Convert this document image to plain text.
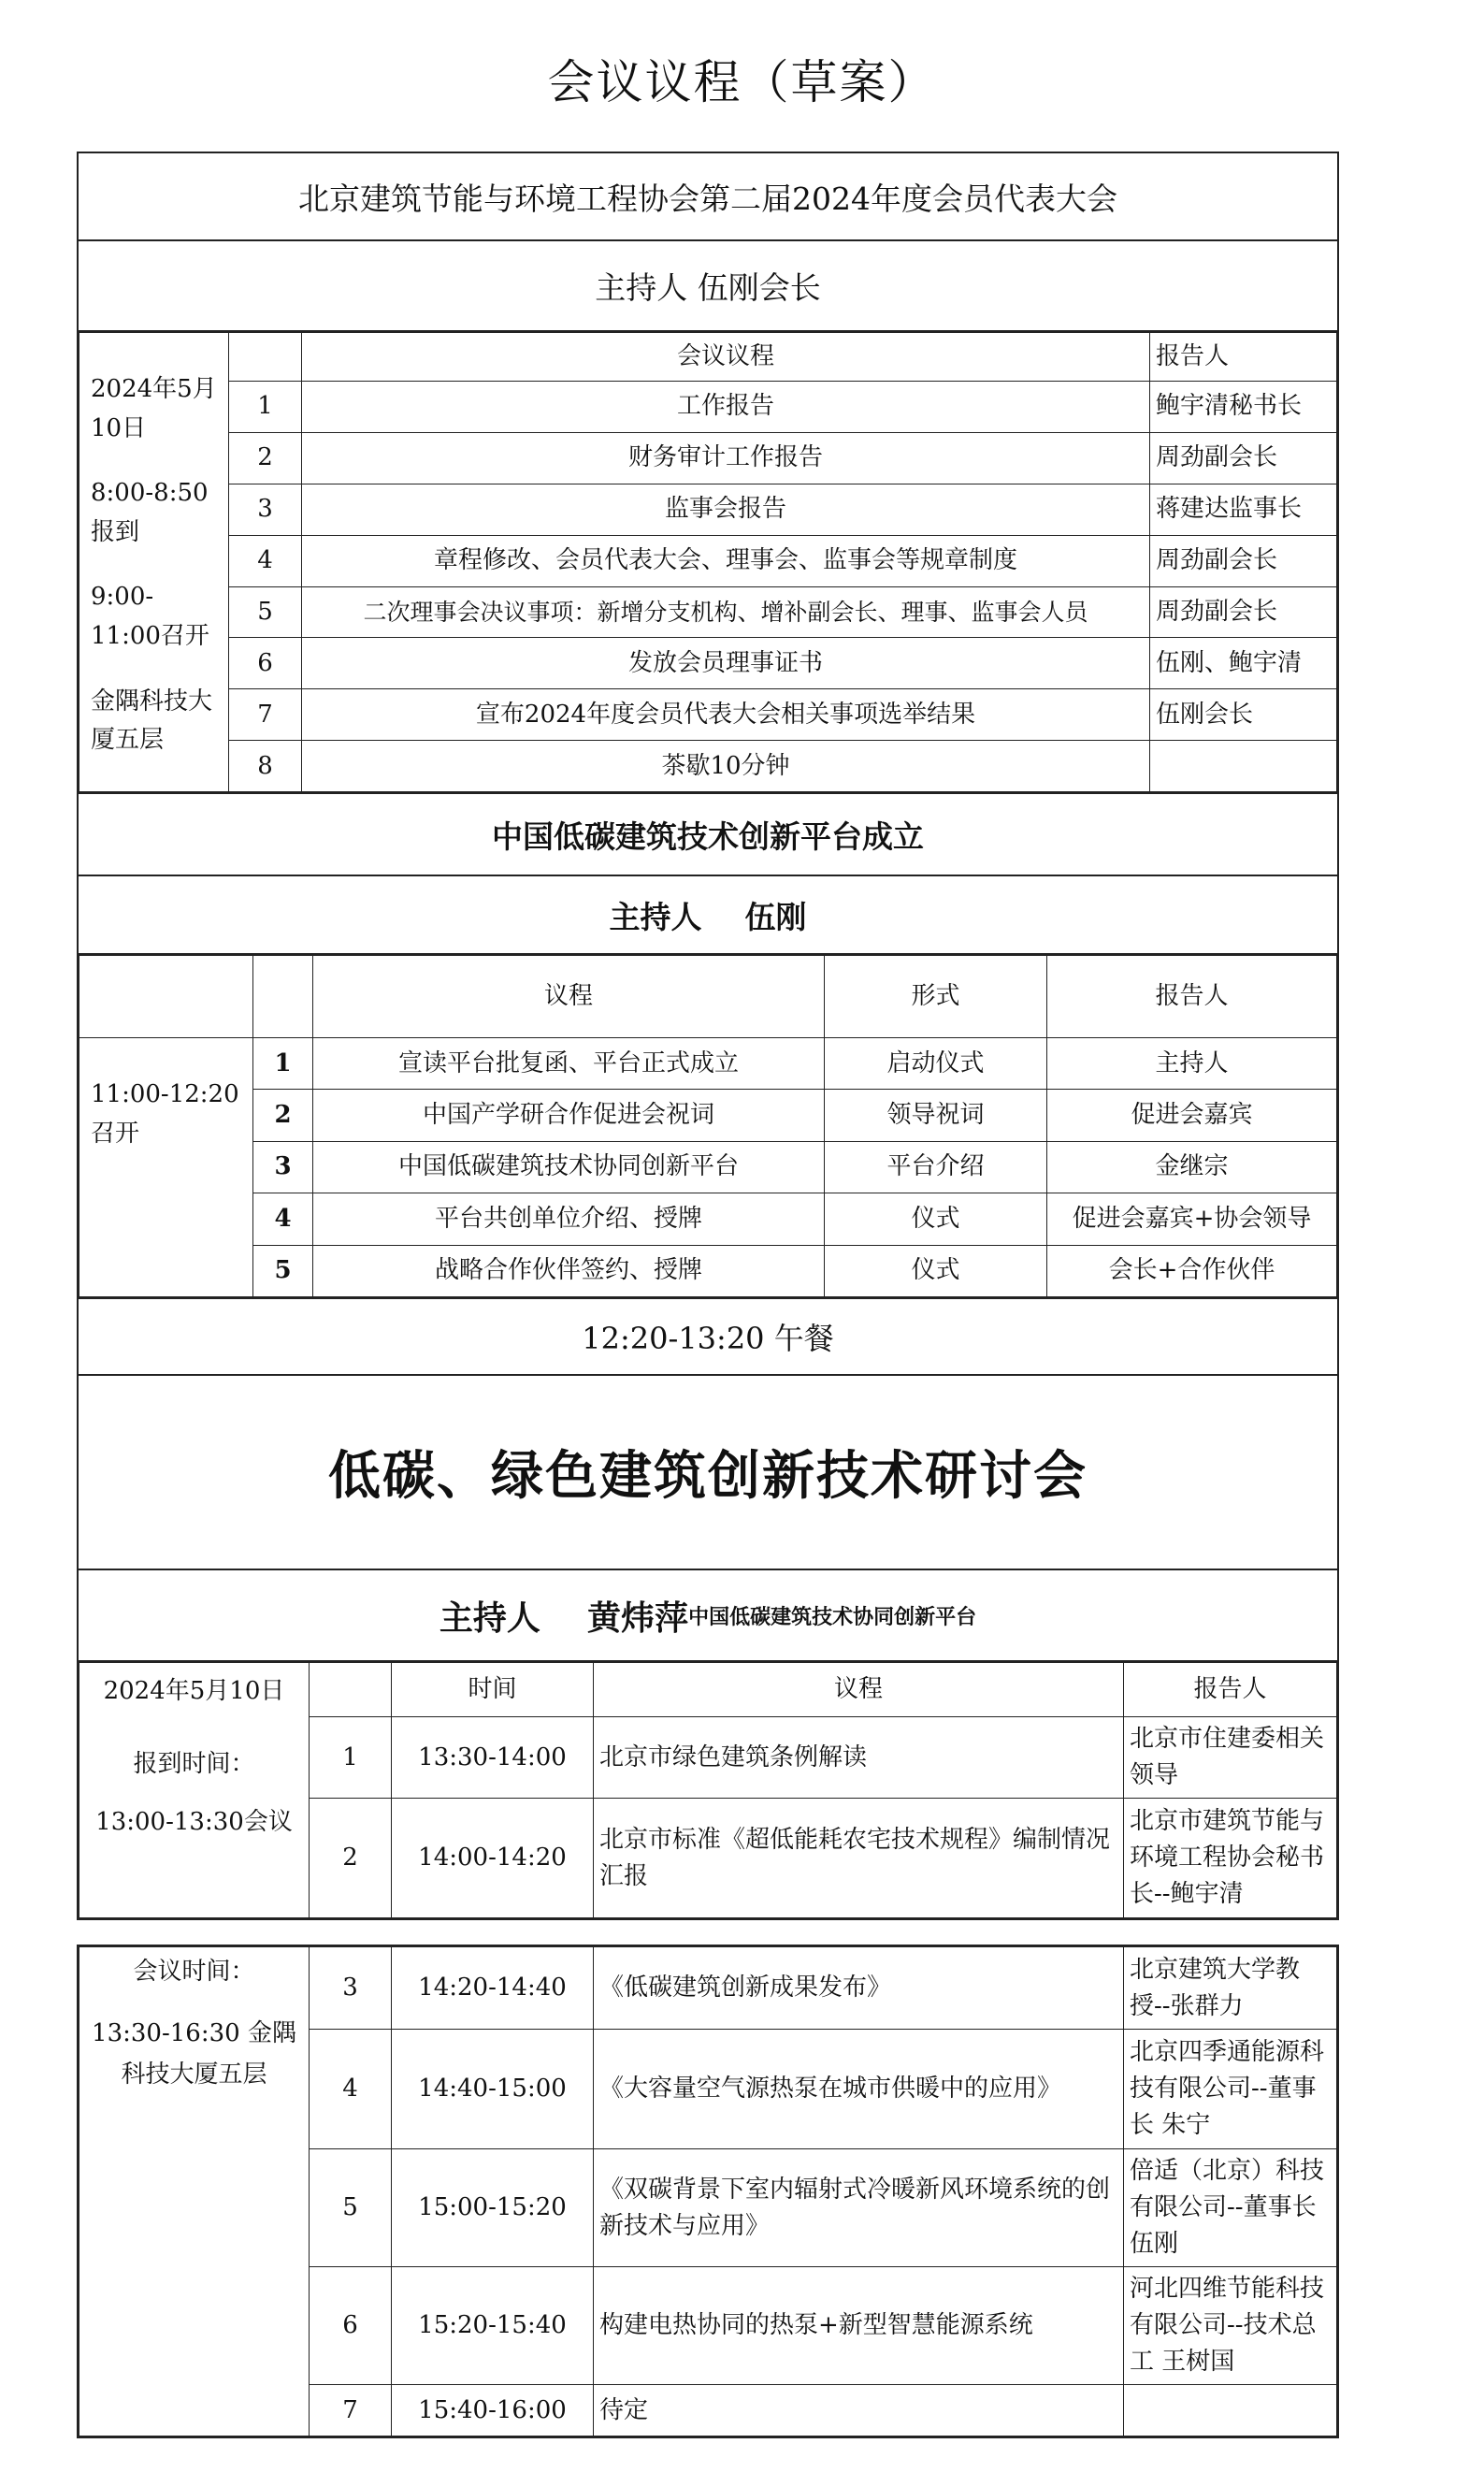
会议议程（草案）
北京建筑节能与环境工程协会第二届2024年度会员代表大会
主持人 伍刚会长

2024年5月10日

8:00-8:50报到

9:00-11:00召开

金隅科技大厦五层		会议议程	报告人
	1	工作报告	鲍宇清秘书长
	2	财务审计工作报告	周劲副会长
	3	监事会报告	蒋建达监事长
	4	章程修改、会员代表大会、理事会、监事会等规章制度	周劲副会长
	5	二次理事会决议事项：新增分支机构、增补副会长、理事、监事会人员	周劲副会长
	6	发放会员理事证书	伍刚、鲍宇清
	7	宣布2024年度会员代表大会相关事项选举结果	伍刚会长
	8	茶歇10分钟	
中国低碳建筑技术创新平台成立
主持人    伍刚
		议程	形式	报告人
11:00-12:20召开	1	宣读平台批复函、平台正式成立	启动仪式	主持人
	2	中国产学研合作促进会祝词	领导祝词	促进会嘉宾
	3	中国低碳建筑技术协同创新平台	平台介绍	金继宗
	4	平台共创单位介绍、授牌	仪式	促进会嘉宾+协会领导
	5	战略合作伙伴签约、授牌	仪式	会长+合作伙伴
12:20-13:20 午餐
低碳、绿色建筑创新技术研讨会
主持人    黄炜萍 中国低碳建筑技术协同创新平台
2024年5月10日
报到时间：
13:00-13:30会议		时间	议程	报告人
	1	13:30-14:00	北京市绿色建筑条例解读	北京市住建委相关领导
	2	14:00-14:20	北京市标准《超低能耗农宅技术规程》编制情况汇报	北京市建筑节能与环境工程协会秘书长--鲍宇清
会议时间：
13:30-16:30 金隅科技大厦五层	3	14:20-14:40	《低碳建筑创新成果发布》	北京建筑大学教授--张群力
	4	14:40-15:00	《大容量空气源热泵在城市供暖中的应用》	北京四季通能源科技有限公司--董事长 朱宁
	5	15:00-15:20	《双碳背景下室内辐射式冷暖新风环境系统的创新技术与应用》	倍适（北京）科技有限公司--董事长 伍刚
	6	15:20-15:40	构建电热协同的热泵+新型智慧能源系统	河北四维节能科技有限公司--技术总工 王树国
	7	15:40-16:00	待定	
